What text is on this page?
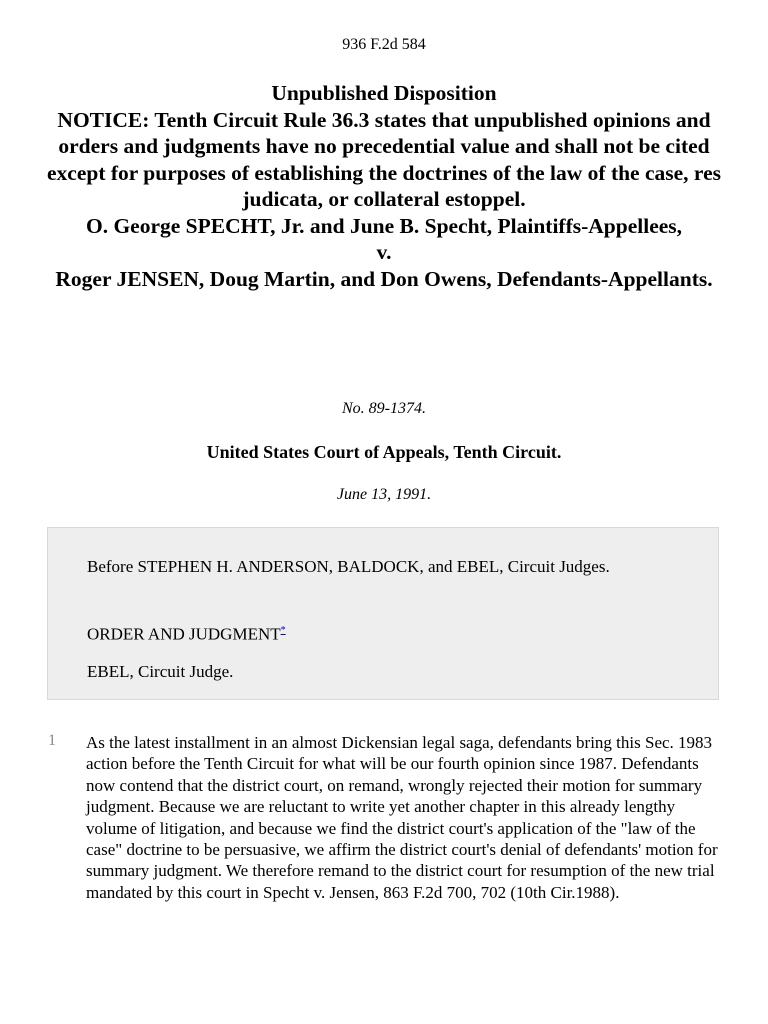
936 F.2d 584
Unpublished Disposition
NOTICE: Tenth Circuit Rule 36.3 states that unpublished opinions and orders and judgments have no precedential value and shall not be cited except for purposes of establishing the doctrines of the law of the case, res judicata, or collateral estoppel.
O. George SPECHT, Jr. and June B. Specht, Plaintiffs-Appellees,
v.
Roger JENSEN, Doug Martin, and Don Owens, Defendants-Appellants.
No. 89-1374.
United States Court of Appeals, Tenth Circuit.
June 13, 1991.
Before STEPHEN H. ANDERSON, BALDOCK, and EBEL, Circuit Judges.
ORDER AND JUDGMENT*
EBEL, Circuit Judge.
1 As the latest installment in an almost Dickensian legal saga, defendants bring this Sec. 1983 action before the Tenth Circuit for what will be our fourth opinion since 1987. Defendants now contend that the district court, on remand, wrongly rejected their motion for summary judgment. Because we are reluctant to write yet another chapter in this already lengthy volume of litigation, and because we find the district court's application of the "law of the case" doctrine to be persuasive, we affirm the district court's denial of defendants' motion for summary judgment. We therefore remand to the district court for resumption of the new trial mandated by this court in Specht v. Jensen, 863 F.2d 700, 702 (10th Cir.1988).
